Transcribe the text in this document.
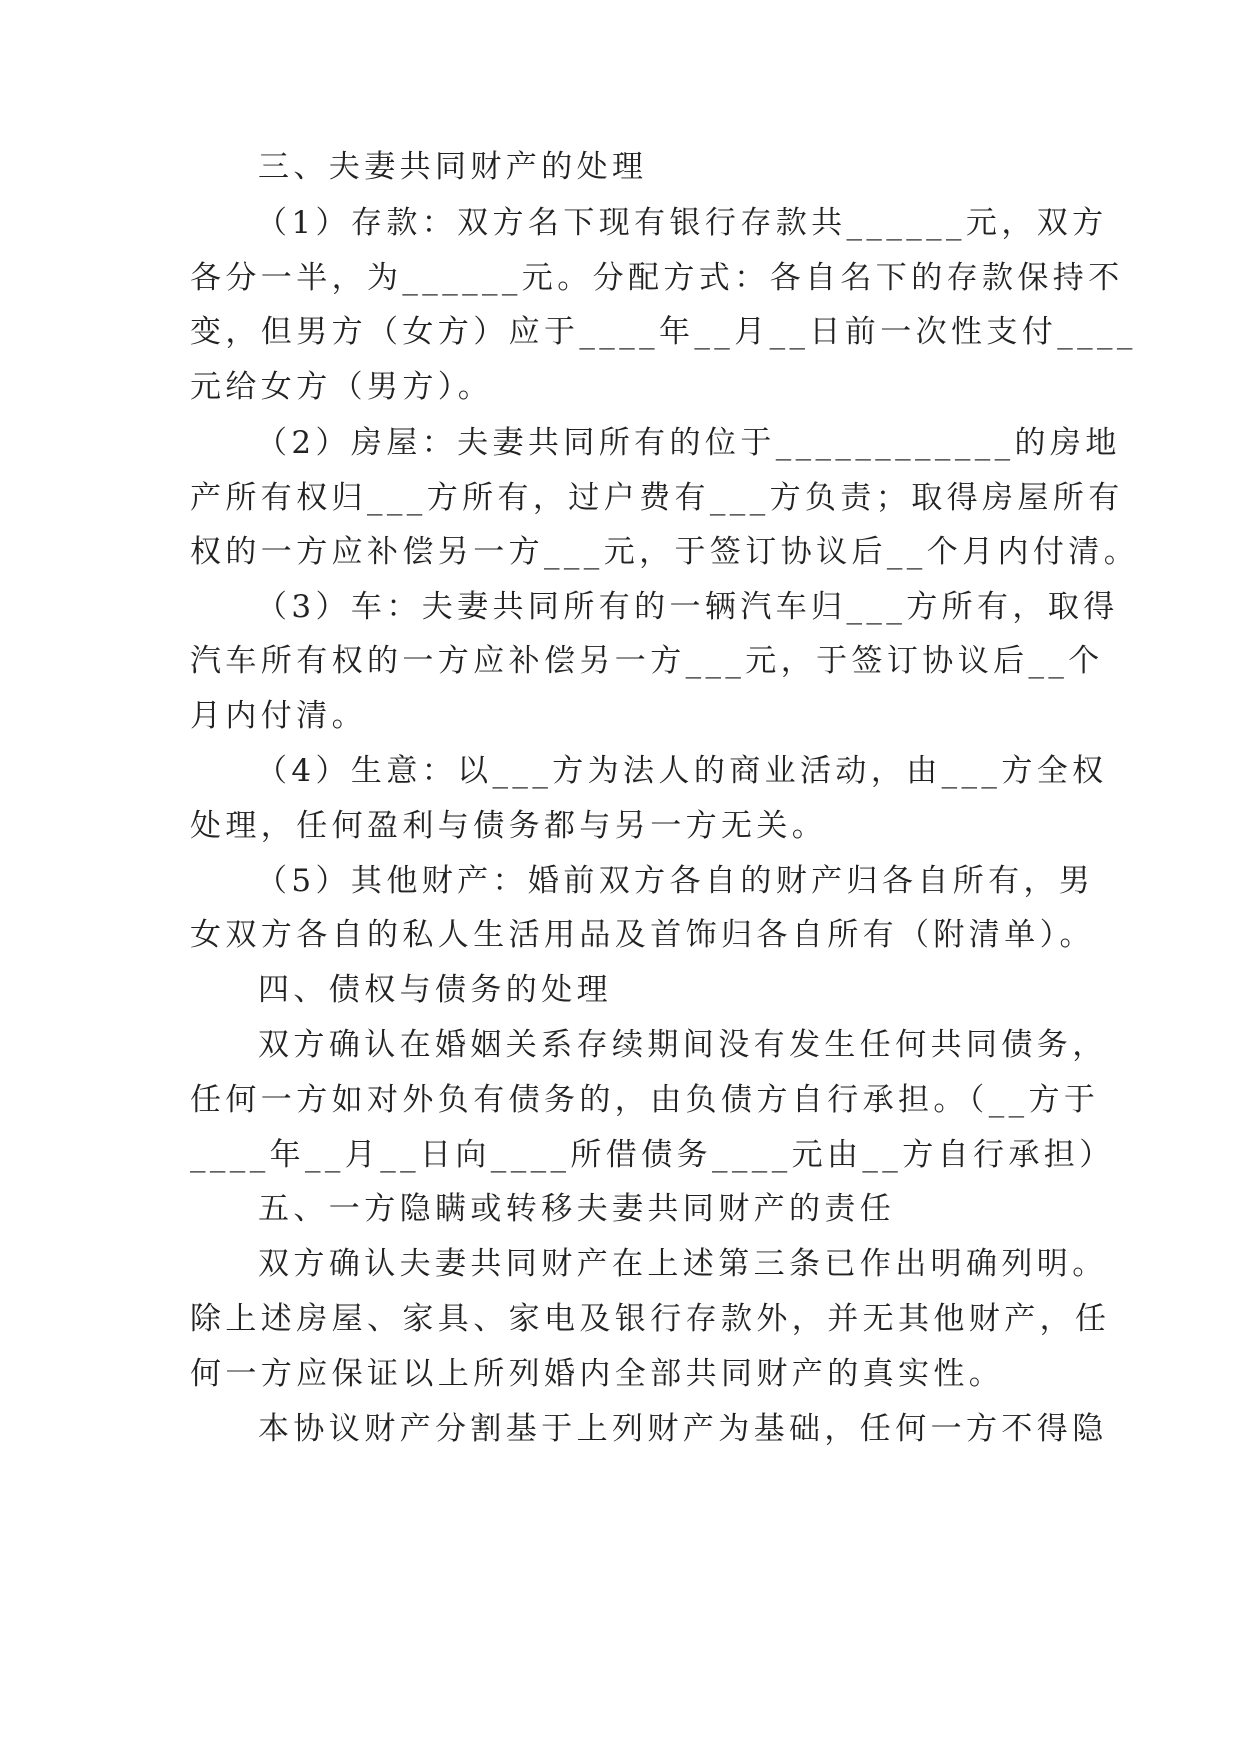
三、夫妻共同财产的处理

（1）存款：双方名下现有银行存款共______元，双方

各分一半，为______元。分配方式：各自名下的存款保持不

变，但男方（女方）应于____年__月__日前一次性支付____

元给女方（男方）。

（2）房屋：夫妻共同所有的位于____________的房地

产所有权归___方所有，过户费有___方负责；取得房屋所有

权的一方应补偿另一方___元，于签订协议后__个月内付清。

（3）车：夫妻共同所有的一辆汽车归___方所有，取得

汽车所有权的一方应补偿另一方___元，于签订协议后__个

月内付清。

（4）生意：以___方为法人的商业活动，由___方全权

处理，任何盈利与债务都与另一方无关。

（5）其他财产：婚前双方各自的财产归各自所有，男

女双方各自的私人生活用品及首饰归各自所有（附清单）。

四、债权与债务的处理

双方确认在婚姻关系存续期间没有发生任何共同债务，

任何一方如对外负有债务的，由负债方自行承担。（__方于

____年__月__日向____所借债务____元由__方自行承担）

五、一方隐瞒或转移夫妻共同财产的责任

双方确认夫妻共同财产在上述第三条已作出明确列明。

除上述房屋、家具、家电及银行存款外，并无其他财产，任

何一方应保证以上所列婚内全部共同财产的真实性。

本协议财产分割基于上列财产为基础，任何一方不得隐
